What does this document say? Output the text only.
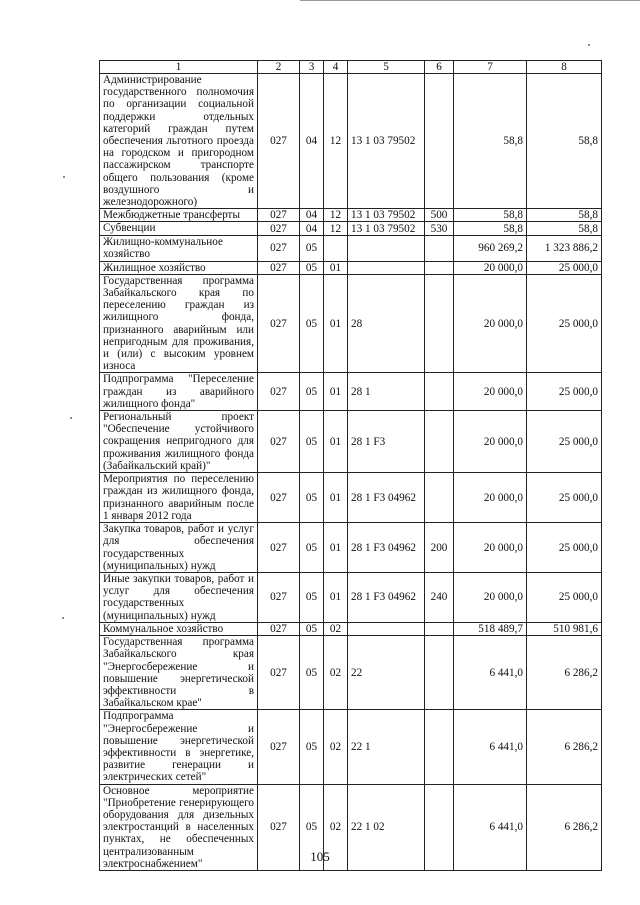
1	2	3	4	5	6	7	8
Администрирование государственного полномочия по организации социальной поддержки отдельных категорий граждан путем обеспечения льготного проезда на городском и пригородном пассажирском транспорте общего пользования (кроме воздушного и железнодорожного)	027	04	12	13 1 03 79502		58,8	58,8
Межбюджетные трансферты	027	04	12	13 1 03 79502	500	58,8	58,8
Субвенции	027	04	12	13 1 03 79502	530	58,8	58,8
Жилищно-коммунальное хозяйство	027	05				960 269,2	1 323 886,2
Жилищное хозяйство	027	05	01			20 000,0	25 000,0
Государственная программа Забайкальского края по переселению граждан из жилищного фонда, признанного аварийным или непригодным для проживания, и (или) с высоким уровнем износа	027	05	01	28		20 000,0	25 000,0
Подпрограмма "Переселение граждан из аварийного жилищного фонда"	027	05	01	28 1		20 000,0	25 000,0
Региональный проект "Обеспечение устойчивого сокращения непригодного для проживания жилищного фонда (Забайкальский край)"	027	05	01	28 1 F3		20 000,0	25 000,0
Мероприятия по переселению граждан из жилищного фонда, признанного аварийным после 1 января 2012 года	027	05	01	28 1 F3 04962		20 000,0	25 000,0
Закупка товаров, работ и услуг для обеспечения государственных (муниципальных) нужд	027	05	01	28 1 F3 04962	200	20 000,0	25 000,0
Иные закупки товаров, работ и услуг для обеспечения государственных (муниципальных) нужд	027	05	01	28 1 F3 04962	240	20 000,0	25 000,0
Коммунальное хозяйство	027	05	02			518 489,7	510 981,6
Государственная программа Забайкальского края "Энергосбережение и повышение энергетической эффективности в Забайкальском крае"	027	05	02	22		6 441,0	6 286,2
Подпрограмма "Энергосбережение и повышение энергетической эффективности в энергетике, развитие генерации и электрических сетей"	027	05	02	22 1		6 441,0	6 286,2
Основное мероприятие "Приобретение генерирующего оборудования для дизельных электростанций в населенных пунктах, не обеспеченных централизованным электроснабжением"	027	05	02	22 1 02		6 441,0	6 286,2
105
